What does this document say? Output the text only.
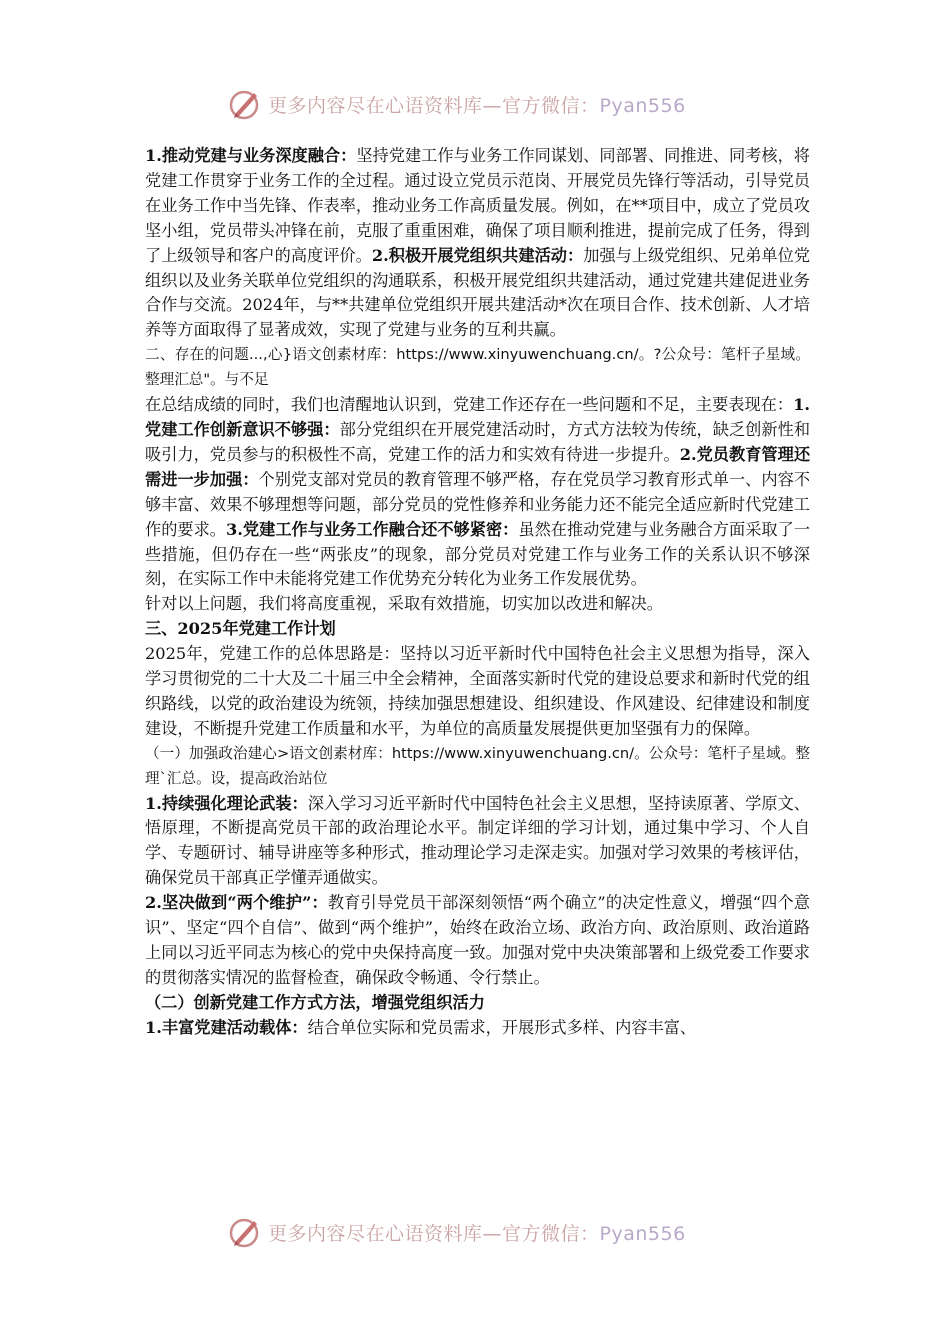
更多内容尽在心语资料库—官方微信：Pyan556

1.推动党建与业务深度融合：坚持党建工作与业务工作同谋划、同部署、同推进、同考核，将党建工作贯穿于业务工作的全过程。通过设立党员示范岗、开展党员先锋行等活动，引导党员在业务工作中当先锋、作表率，推动业务工作高质量发展。例如，在**项目中，成立了党员攻坚小组，党员带头冲锋在前，克服了重重困难，确保了项目顺利推进，提前完成了任务，得到了上级领导和客户的高度评价。2.积极开展党组织共建活动：加强与上级党组织、兄弟单位党组织以及业务关联单位党组织的沟通联系，积极开展党组织共建活动，通过党建共建促进业务合作与交流。2024年，与**共建单位党组织开展共建活动*次在项目合作、技术创新、人才培养等方面取得了显著成效，实现了党建与业务的互利共赢。

二、存在的问题...,心}语文创素材库：https://www.xinyuwenchuang.cn/。?公众号：笔杆子星域。整理汇总"。与不足

在总结成绩的同时，我们也清醒地认识到，党建工作还存在一些问题和不足，主要表现在：1.党建工作创新意识不够强：部分党组织在开展党建活动时，方式方法较为传统，缺乏创新性和吸引力，党员参与的积极性不高，党建工作的活力和实效有待进一步提升。2.党员教育管理还需进一步加强：个别党支部对党员的教育管理不够严格，存在党员学习教育形式单一、内容不够丰富、效果不够理想等问题，部分党员的党性修养和业务能力还不能完全适应新时代党建工作的要求。3.党建工作与业务工作融合还不够紧密：虽然在推动党建与业务融合方面采取了一些措施，但仍存在一些“两张皮”的现象，部分党员对党建工作与业务工作的关系认识不够深刻，在实际工作中未能将党建工作优势充分转化为业务工作发展优势。

针对以上问题，我们将高度重视，采取有效措施，切实加以改进和解决。

三、2025年党建工作计划

2025年，党建工作的总体思路是：坚持以习近平新时代中国特色社会主义思想为指导，深入学习贯彻党的二十大及二十届三中全会精神，全面落实新时代党的建设总要求和新时代党的组织路线，以党的政治建设为统领，持续加强思想建设、组织建设、作风建设、纪律建设和制度建设，不断提升党建工作质量和水平，为单位的高质量发展提供更加坚强有力的保障。

（一）加强政治建心>语文创素材库：https://www.xinyuwenchuang.cn/。公众号：笔杆子星域。整理`汇总。设，提高政治站位

1.持续强化理论武装：深入学习习近平新时代中国特色社会主义思想，坚持读原著、学原文、悟原理，不断提高党员干部的政治理论水平。制定详细的学习计划，通过集中学习、个人自学、专题研讨、辅导讲座等多种形式，推动理论学习走深走实。加强对学习效果的考核评估，确保党员干部真正学懂弄通做实。

2.坚决做到“两个维护”：教育引导党员干部深刻领悟“两个确立”的决定性意义，增强“四个意识”、坚定“四个自信”、做到“两个维护”，始终在政治立场、政治方向、政治原则、政治道路上同以习近平同志为核心的党中央保持高度一致。加强对党中央决策部署和上级党委工作要求的贯彻落实情况的监督检查，确保政令畅通、令行禁止。

（二）创新党建工作方式方法，增强党组织活力

1.丰富党建活动载体：结合单位实际和党员需求，开展形式多样、内容丰富、

更多内容尽在心语资料库—官方微信：Pyan556
